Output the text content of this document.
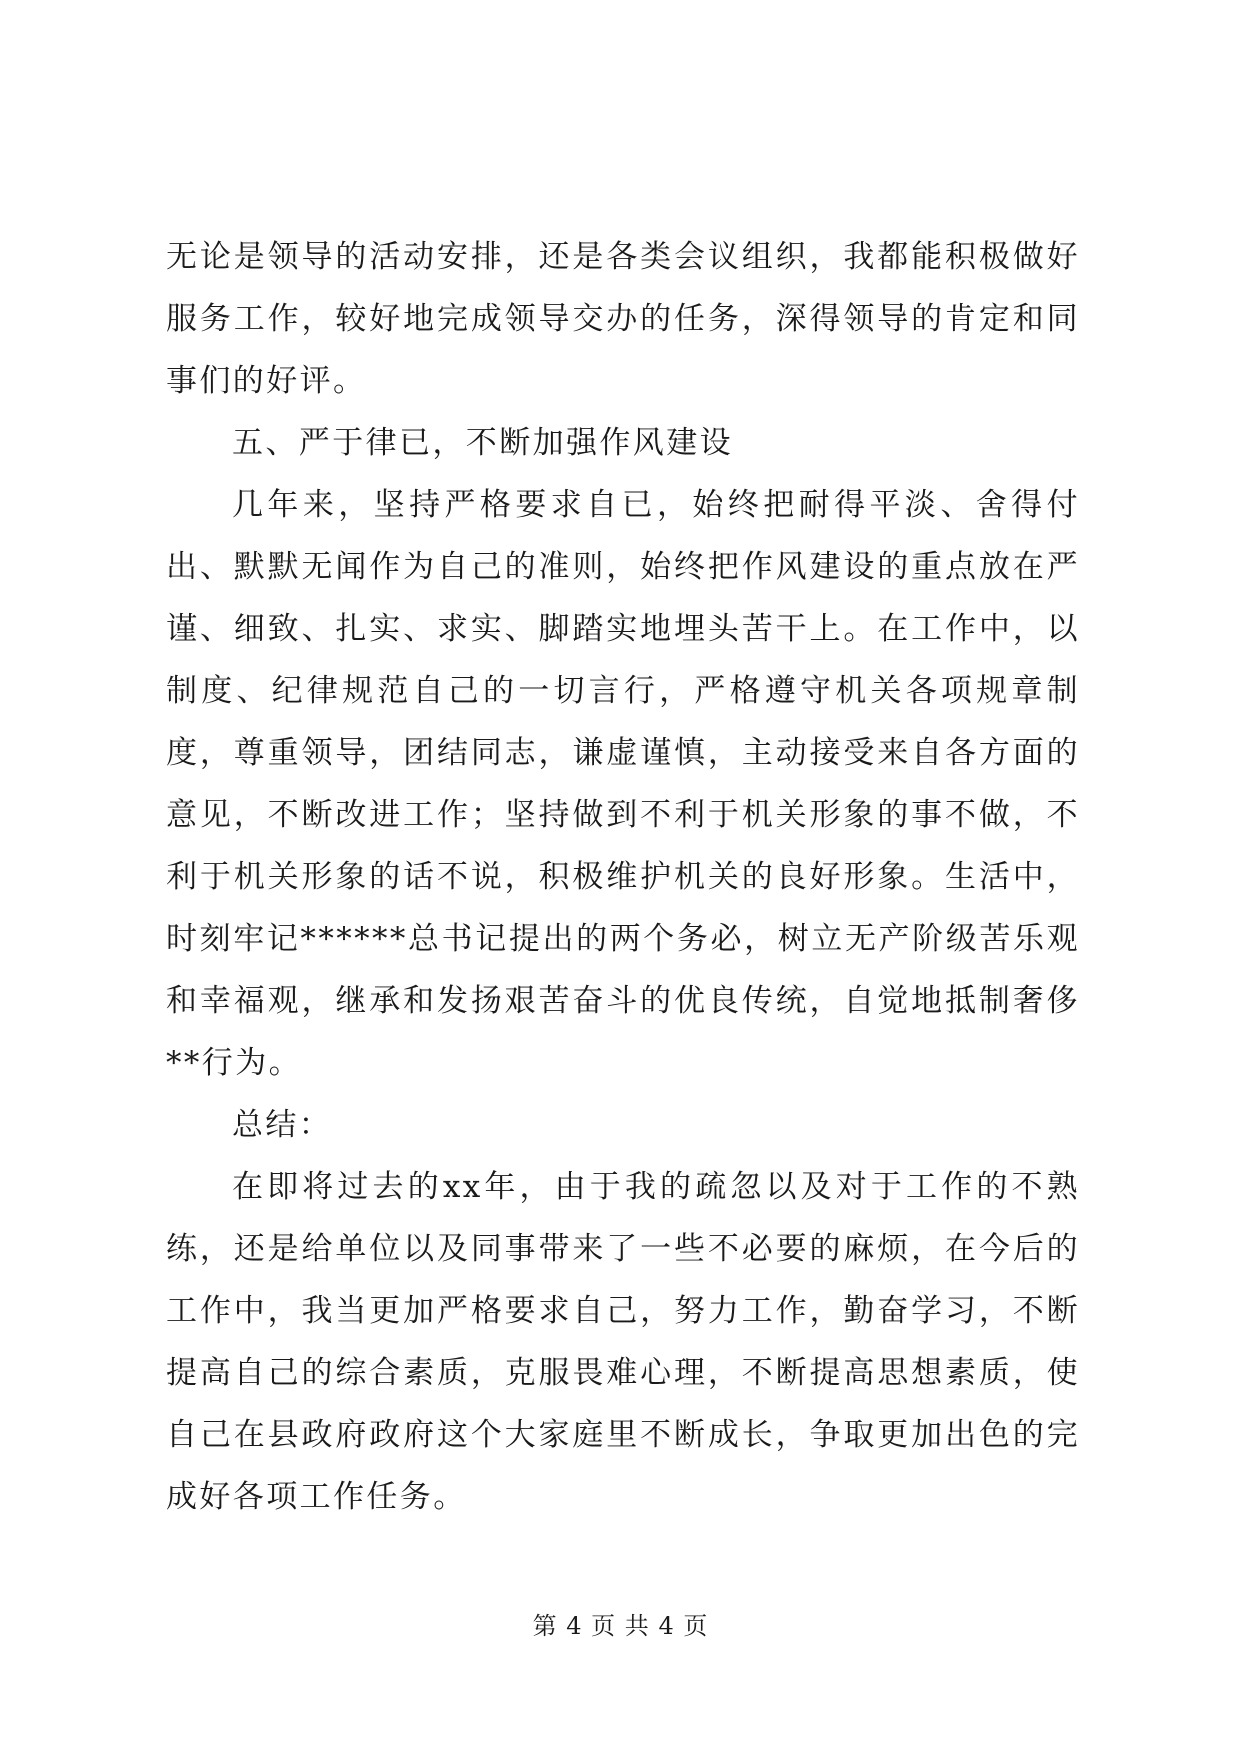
无论是领导的活动安排，还是各类会议组织，我都能积极做好服务工作，较好地完成领导交办的任务，深得领导的肯定和同事们的好评。

五、严于律已，不断加强作风建设

几年来，坚持严格要求自已，始终把耐得平淡、舍得付出、默默无闻作为自己的准则，始终把作风建设的重点放在严谨、细致、扎实、求实、脚踏实地埋头苦干上。在工作中，以制度、纪律规范自己的一切言行，严格遵守机关各项规章制度，尊重领导，团结同志，谦虚谨慎，主动接受来自各方面的意见，不断改进工作；坚持做到不利于机关形象的事不做，不利于机关形象的话不说，积极维护机关的良好形象。生活中，时刻牢记******总书记提出的两个务必，树立无产阶级苦乐观和幸福观，继承和发扬艰苦奋斗的优良传统，自觉地抵制奢侈**行为。

总结：

在即将过去的xx年，由于我的疏忽以及对于工作的不熟练，还是给单位以及同事带来了一些不必要的麻烦，在今后的工作中，我当更加严格要求自己，努力工作，勤奋学习，不断提高自己的综合素质，克服畏难心理，不断提高思想素质，使自己在县政府政府这个大家庭里不断成长，争取更加出色的完成好各项工作任务。

第 4 页 共 4 页
